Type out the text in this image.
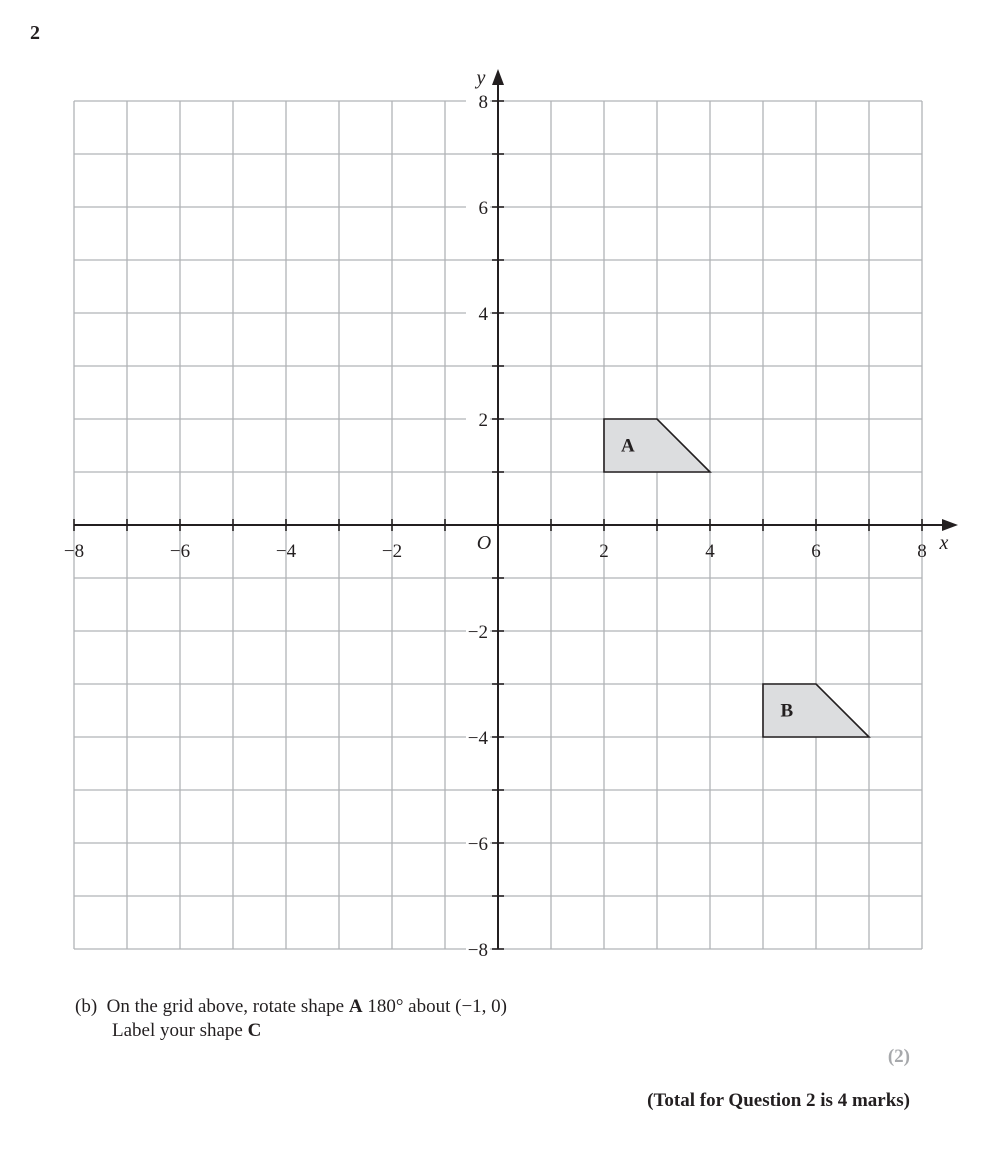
2
A
B
−8	−6	−4	−2	2	4	6	8
8
6
4
2
−2
−4
−6
−8
O	x
y
(b) On the grid above, rotate shape A 180° about (−1, 0)
Label your shape C
(2)
(Total for Question 2 is 4 marks)
